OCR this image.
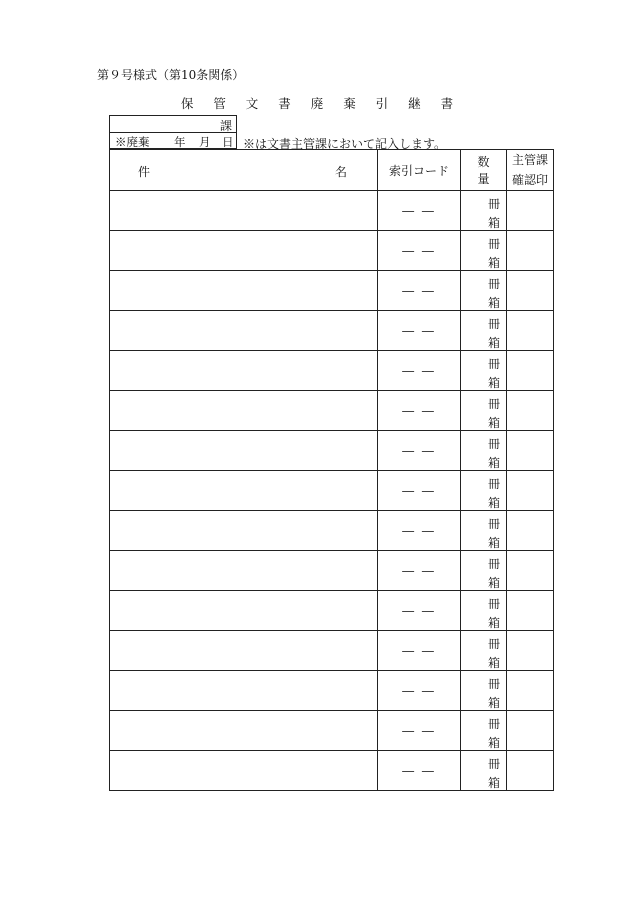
第９号様式（第10条関係）
保 管 文 書 廃 棄 引 継 書
課
※廃棄 年 月 日 ※は文書主管課において記入します。
件 名	索引コード	数量	主管課確認印
	― ―	冊
箱	

	― ―	冊
箱	

	― ―	冊
箱	

	― ―	冊
箱	

	― ―	冊
箱	

	― ―	冊
箱	

	― ―	冊
箱	

	― ―	冊
箱	

	― ―	冊
箱	

	― ―	冊
箱	

	― ―	冊
箱	

	― ―	冊
箱	

	― ―	冊
箱	

	― ―	冊
箱	

	― ―	冊
箱	
